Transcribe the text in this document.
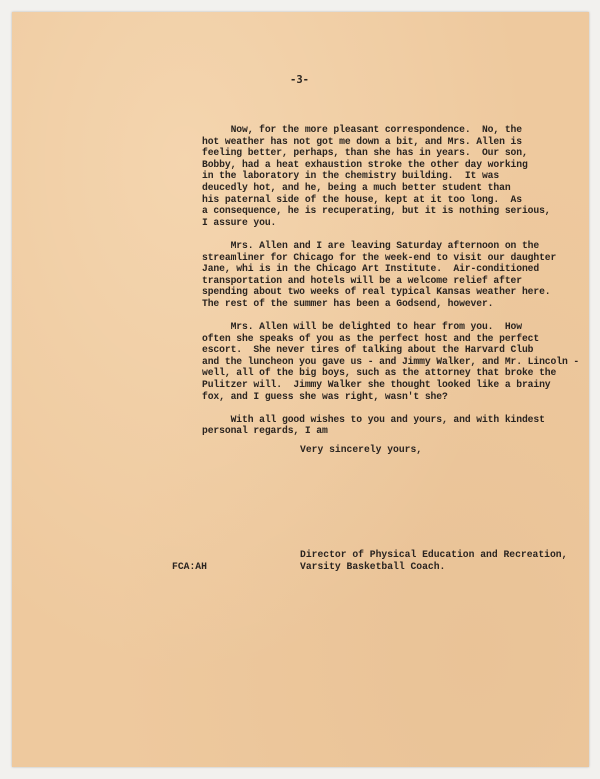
-3-

Now, for the more pleasant correspondence.  No, the
hot weather has not got me down a bit, and Mrs. Allen is
feeling better, perhaps, than she has in years.  Our son,
Bobby, had a heat exhaustion stroke the other day working
in the laboratory in the chemistry building.  It was
deucedly hot, and he, being a much better student than
his paternal side of the house, kept at it too long.  As
a consequence, he is recuperating, but it is nothing serious,
I assure you.

Mrs. Allen and I are leaving Saturday afternoon on the
streamliner for Chicago for the week-end to visit our daughter
Jane, whi is in the Chicago Art Institute.  Air-conditioned
transportation and hotels will be a welcome relief after
spending about two weeks of real typical Kansas weather here.
The rest of the summer has been a Godsend, however.

Mrs. Allen will be delighted to hear from you.  How
often she speaks of you as the perfect host and the perfect
escort.  She never tires of talking about the Harvard Club
and the luncheon you gave us - and Jimmy Walker, and Mr. Lincoln -
well, all of the big boys, such as the attorney that broke the
Pulitzer will.  Jimmy Walker she thought looked like a brainy
fox, and I guess she was right, wasn't she?

With all good wishes to you and yours, and with kindest
personal regards, I am

Very sincerely yours,

Director of Physical Education and Recreation,
Varsity Basketball Coach.

FCA:AH
